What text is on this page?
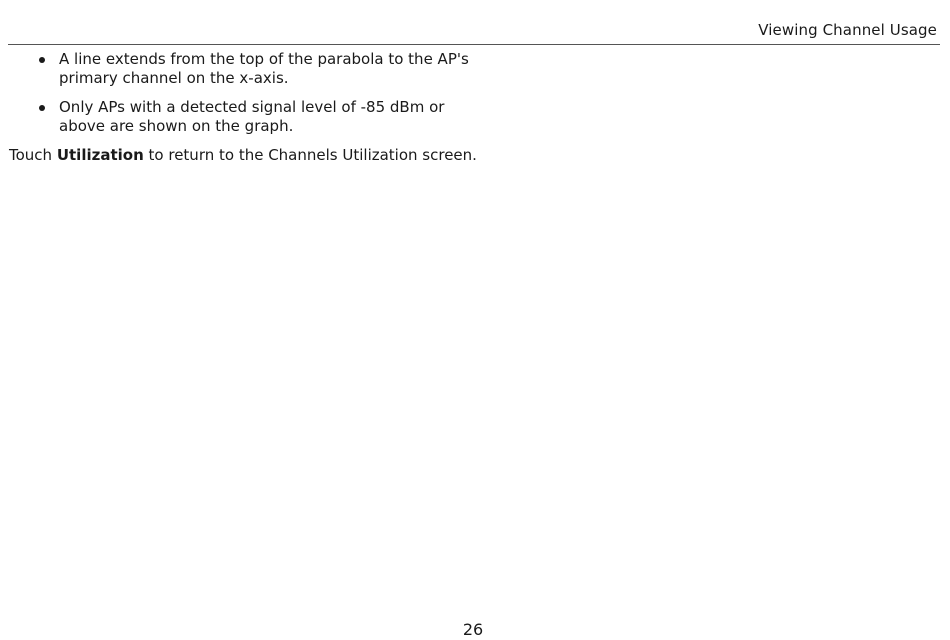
Viewing Channel Usage
A line extends from the top of the parabola to the AP's primary channel on the x-axis.
Only APs with a detected signal level of -85 dBm or above are shown on the graph.

Touch Utilization to return to the Channels Utilization screen.

26
